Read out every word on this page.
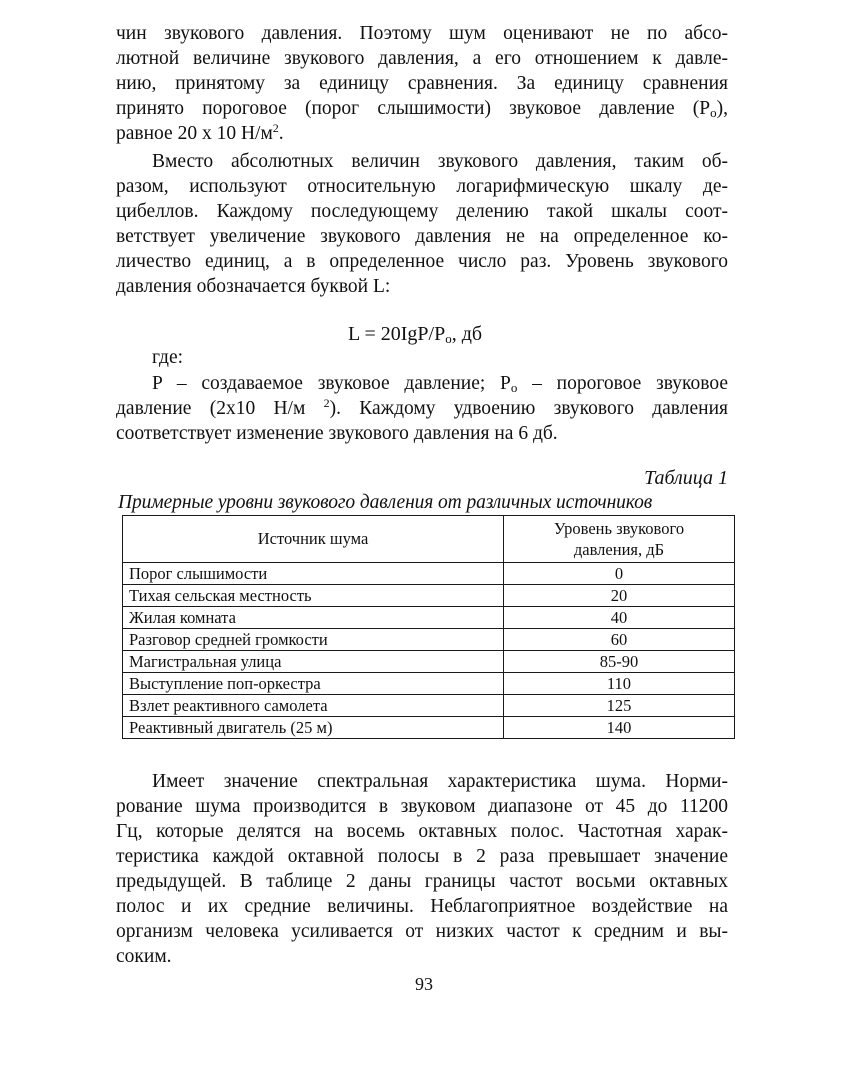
чин звукового давления. Поэтому шум оценивают не по абсо-
лютной величине звукового давления, а его отношением к давле-
нию, принятому за единицу сравнения. За единицу сравнения
принято пороговое (порог слышимости) звуковое давление $(P_o)$,
равное 20 х 10 $Н/м^2$.
Вместо абсолютных величин звукового давления, таким об-
разом, используют относительную логарифмическую шкалу де-
цибеллов. Каждому последующему делению такой шкалы соот-
ветствует увеличение звукового давления не на определенное ко-
личество единиц, а в определенное число раз. Уровень звукового
давления обозначается буквой L:
$L = 20IgP/P_o$, дб
где:
P – создаваемое звуковое давление; $P_o$ – пороговое звуковое
давление (2х10 Н/м $^2$). Каждому удвоению звукового давления
соответствует изменение звукового давления на 6 дб.
Таблица 1
Примерные уровни звукового давления от различных источников
Источник шума	Уровень звукового
давления, дБ
Порог слышимости	0
Тихая сельская местность	20
Жилая комната	40
Разговор средней громкости	60
Магистральная улица	85-90
Выступление поп-оркестра	110
Взлет реактивного самолета	125
Реактивный двигатель (25 м)	140
Имеет значение спектральная характеристика шума. Норми-
рование шума производится в звуковом диапазоне от 45 до 11200
Гц, которые делятся на восемь октавных полос. Частотная харак-
теристика каждой октавной полосы в 2 раза превышает значение
предыдущей. В таблице 2 даны границы частот восьми октавных
полос и их средние величины. Неблагоприятное воздействие на
организм человека усиливается от низких частот к средним и вы-
соким.
93
